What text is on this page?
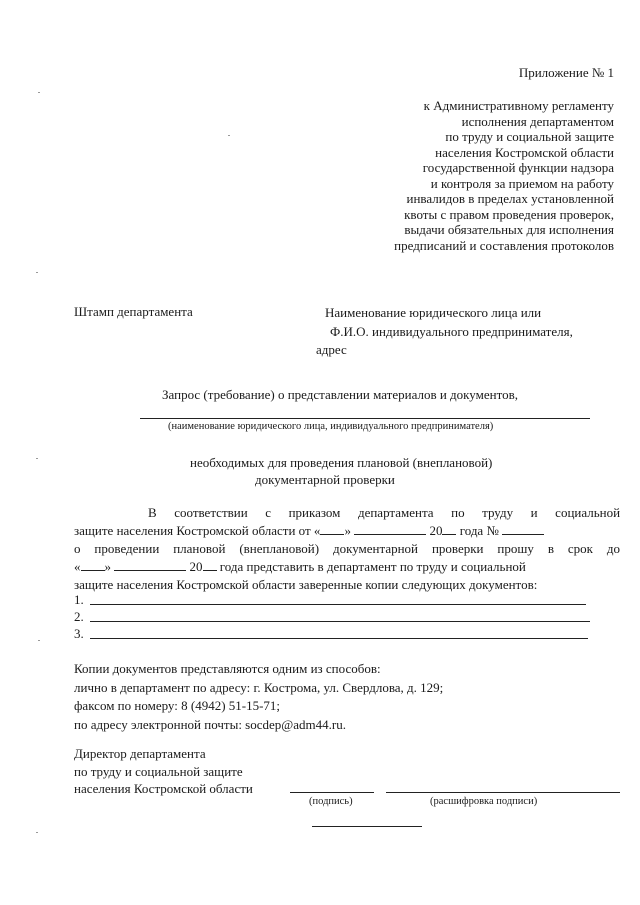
Приложение № 1
к Административному регламенту
исполнения департаментом
по труду и социальной защите
населения Костромской области
государственной функции надзора
и контроля за приемом на работу
инвалидов в пределах установленной
квоты с правом проведения проверок,
выдачи обязательных для исполнения
предписаний и составления протоколов
Штамп департамента	Наименование юридического лица или
Ф.И.О. индивидуального предпринимателя,
адрес
Запрос (требование) о представлении материалов и документов,
(наименование юридического лица, индивидуального предпринимателя)
необходимых для проведения плановой (внеплановой)
документарной проверки
В соответствии с приказом департамента по труду и социальной
защите населения Костромской области от « »	20 года №
о проведении плановой (внеплановой) документарной проверки прошу в срок до
« »	20 года представить в департамент по труду и социальной
защите населения Костромской области заверенные копии следующих документов:
1.
2.
3.
Копии документов представляются одним из способов:
лично в департамент по адресу: г. Кострома, ул. Свердлова, д. 129;
факсом по номеру: 8 (4942) 51-15-71;
по адресу электронной почты: socdep@adm44.ru.
Директор департамента
по труду и социальной защите
населения Костромской области
(подпись)	(расшифровка подписи)
